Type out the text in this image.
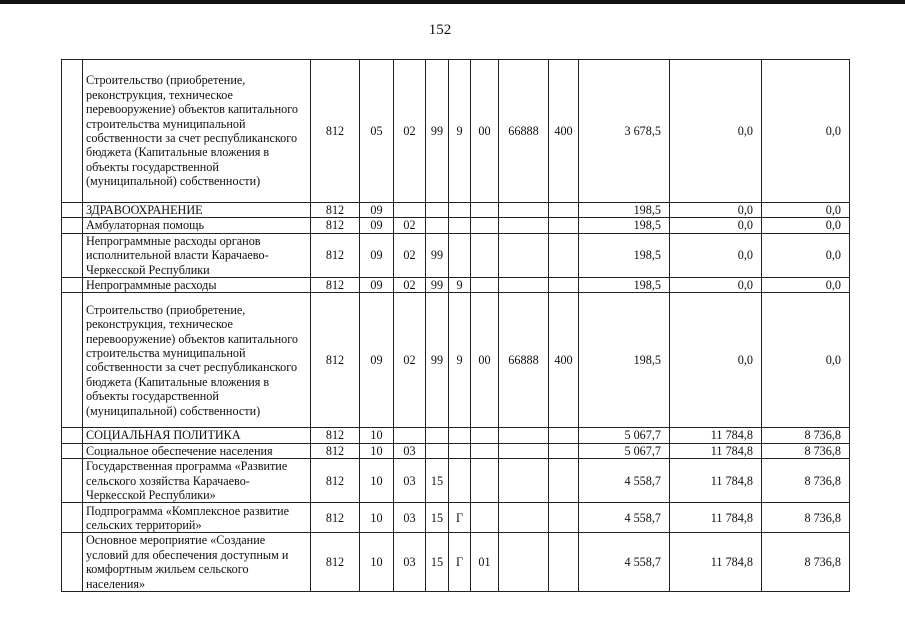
152
	Строительство (приобретение, реконструкция, техническое перевооружение) объектов капитального строительства муниципальной собственности за счет республиканского бюджета (Капитальные вложения в объекты государственной (муниципальной) собственности)	812	05	02	99	9	00	66888	400	3 678,5	0,0	0,0
	ЗДРАВООХРАНЕНИЕ	812	09							198,5	0,0	0,0
	Амбулаторная помощь	812	09	02						198,5	0,0	0,0
	Непрограммные расходы органов исполнительной власти Карачаево-Черкесской Республики	812	09	02	99					198,5	0,0	0,0
	Непрограммные расходы	812	09	02	99	9				198,5	0,0	0,0
	Строительство (приобретение, реконструкция, техническое перевооружение) объектов капитального строительства муниципальной собственности за счет республиканского бюджета (Капитальные вложения в объекты государственной (муниципальной) собственности)	812	09	02	99	9	00	66888	400	198,5	0,0	0,0
	СОЦИАЛЬНАЯ ПОЛИТИКА	812	10							5 067,7	11 784,8	8 736,8
	Социальное обеспечение населения	812	10	03						5 067,7	11 784,8	8 736,8
	Государственная программа «Развитие сельского хозяйства Карачаево-Черкесской Республики»	812	10	03	15					4 558,7	11 784,8	8 736,8
	Подпрограмма «Комплексное развитие сельских территорий»	812	10	03	15	Г				4 558,7	11 784,8	8 736,8
	Основное мероприятие «Создание условий для обеспечения доступным и комфортным жильем сельского населения»	812	10	03	15	Г	01			4 558,7	11 784,8	8 736,8
